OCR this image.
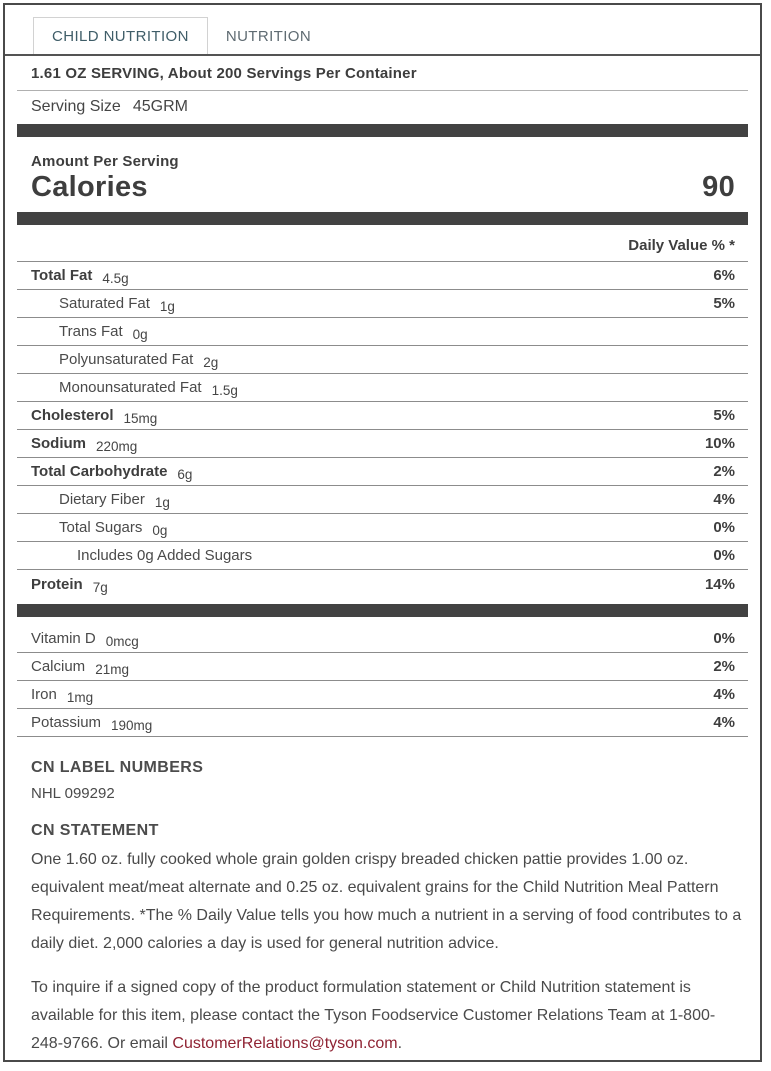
CHILD NUTRITION	NUTRITION
1.61 OZ SERVING, About 200 Servings Per Container
Serving Size 45GRM
Amount Per Serving
Calories	90
Daily Value % *
Total Fat 4.5g	6%
Saturated Fat 1g	5%
Trans Fat 0g
Polyunsaturated Fat 2g
Monounsaturated Fat 1.5g
Cholesterol 15mg	5%
Sodium 220mg	10%
Total Carbohydrate 6g	2%
Dietary Fiber 1g	4%
Total Sugars 0g	0%
Includes 0g Added Sugars	0%
Protein 7g	14%
Vitamin D 0mcg	0%
Calcium 21mg	2%
Iron 1mg	4%
Potassium 190mg	4%
CN LABEL NUMBERS
NHL 099292
CN STATEMENT
One 1.60 oz. fully cooked whole grain golden crispy breaded chicken pattie provides 1.00 oz. equivalent meat/meat alternate and 0.25 oz. equivalent grains for the Child Nutrition Meal Pattern Requirements. *The % Daily Value tells you how much a nutrient in a serving of food contributes to a daily diet. 2,000 calories a day is used for general nutrition advice.
To inquire if a signed copy of the product formulation statement or Child Nutrition statement is available for this item, please contact the Tyson Foodservice Customer Relations Team at 1-800-248-9766. Or email CustomerRelations@tyson.com.
